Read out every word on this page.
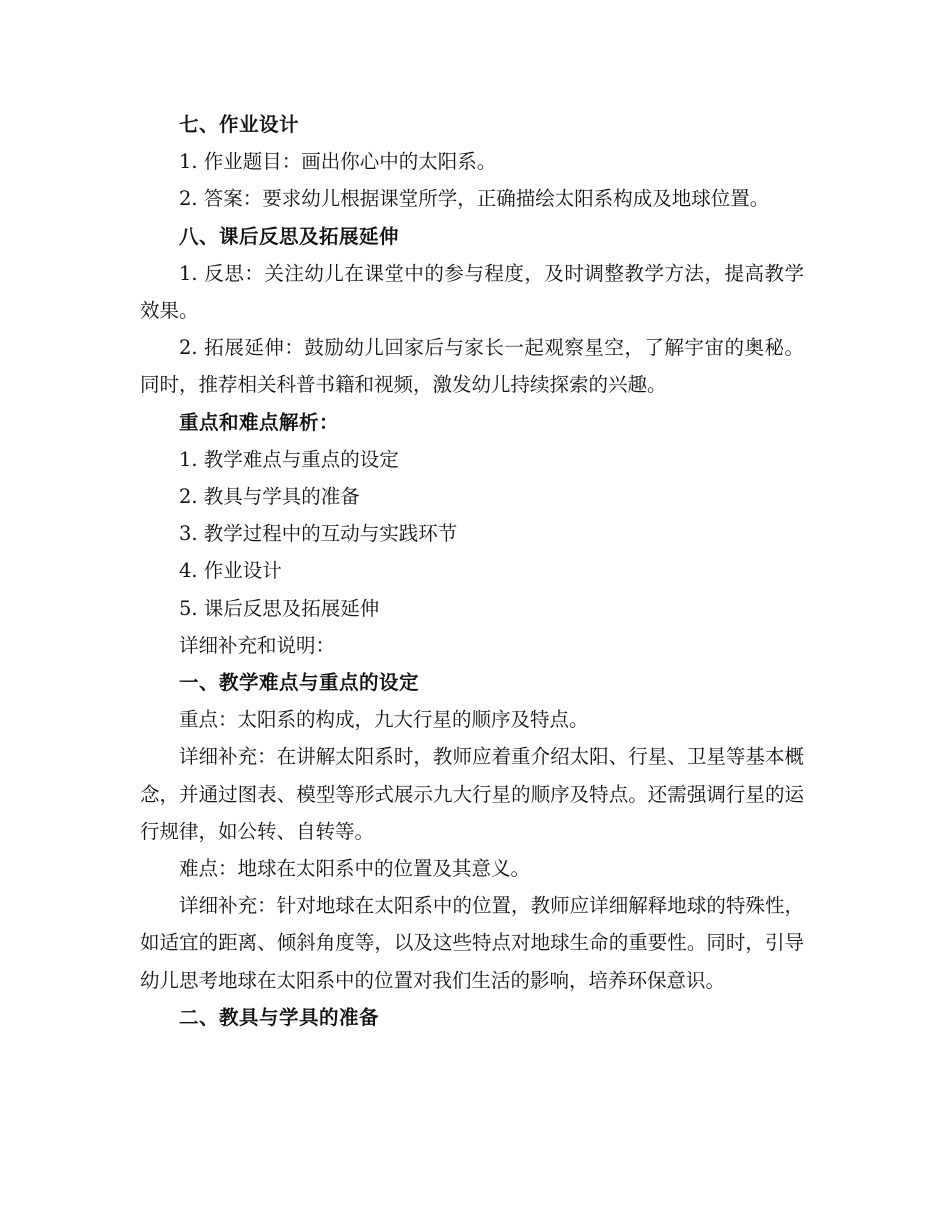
七、作业设计

1. 作业题目：画出你心中的太阳系。

2. 答案：要求幼儿根据课堂所学，正确描绘太阳系构成及地球位置。

八、课后反思及拓展延伸

1. 反思：关注幼儿在课堂中的参与程度，及时调整教学方法，提高教学效果。

2. 拓展延伸：鼓励幼儿回家后与家长一起观察星空，了解宇宙的奥秘。同时，推荐相关科普书籍和视频，激发幼儿持续探索的兴趣。

重点和难点解析：

1. 教学难点与重点的设定

2. 教具与学具的准备

3. 教学过程中的互动与实践环节

4. 作业设计

5. 课后反思及拓展延伸

详细补充和说明：

一、教学难点与重点的设定

重点：太阳系的构成，九大行星的顺序及特点。

详细补充：在讲解太阳系时，教师应着重介绍太阳、行星、卫星等基本概念，并通过图表、模型等形式展示九大行星的顺序及特点。还需强调行星的运行规律，如公转、自转等。

难点：地球在太阳系中的位置及其意义。

详细补充：针对地球在太阳系中的位置，教师应详细解释地球的特殊性，如适宜的距离、倾斜角度等，以及这些特点对地球生命的重要性。同时，引导幼儿思考地球在太阳系中的位置对我们生活的影响，培养环保意识。

二、教具与学具的准备
